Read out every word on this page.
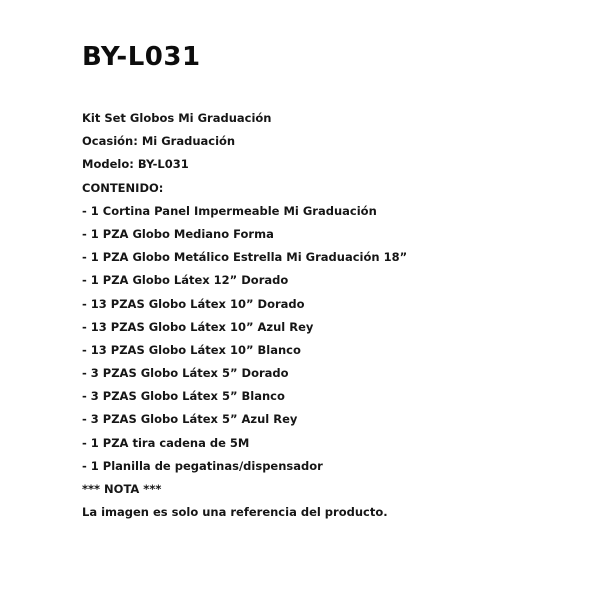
BY-L031
Kit Set Globos Mi Graduación
Ocasión: Mi Graduación
Modelo: BY-L031
CONTENIDO:
- 1 Cortina Panel Impermeable Mi Graduación
- 1 PZA Globo Mediano Forma
- 1 PZA Globo Metálico Estrella Mi Graduación 18”
- 1 PZA Globo Látex 12” Dorado
- 13 PZAS Globo Látex 10” Dorado
- 13 PZAS Globo Látex 10” Azul Rey
- 13 PZAS Globo Látex 10” Blanco
- 3 PZAS Globo Látex 5” Dorado
- 3 PZAS Globo Látex 5” Blanco
- 3 PZAS Globo Látex 5” Azul Rey
- 1 PZA tira cadena de 5M
- 1 Planilla de pegatinas/dispensador
*** NOTA ***
La imagen es solo una referencia del producto.
